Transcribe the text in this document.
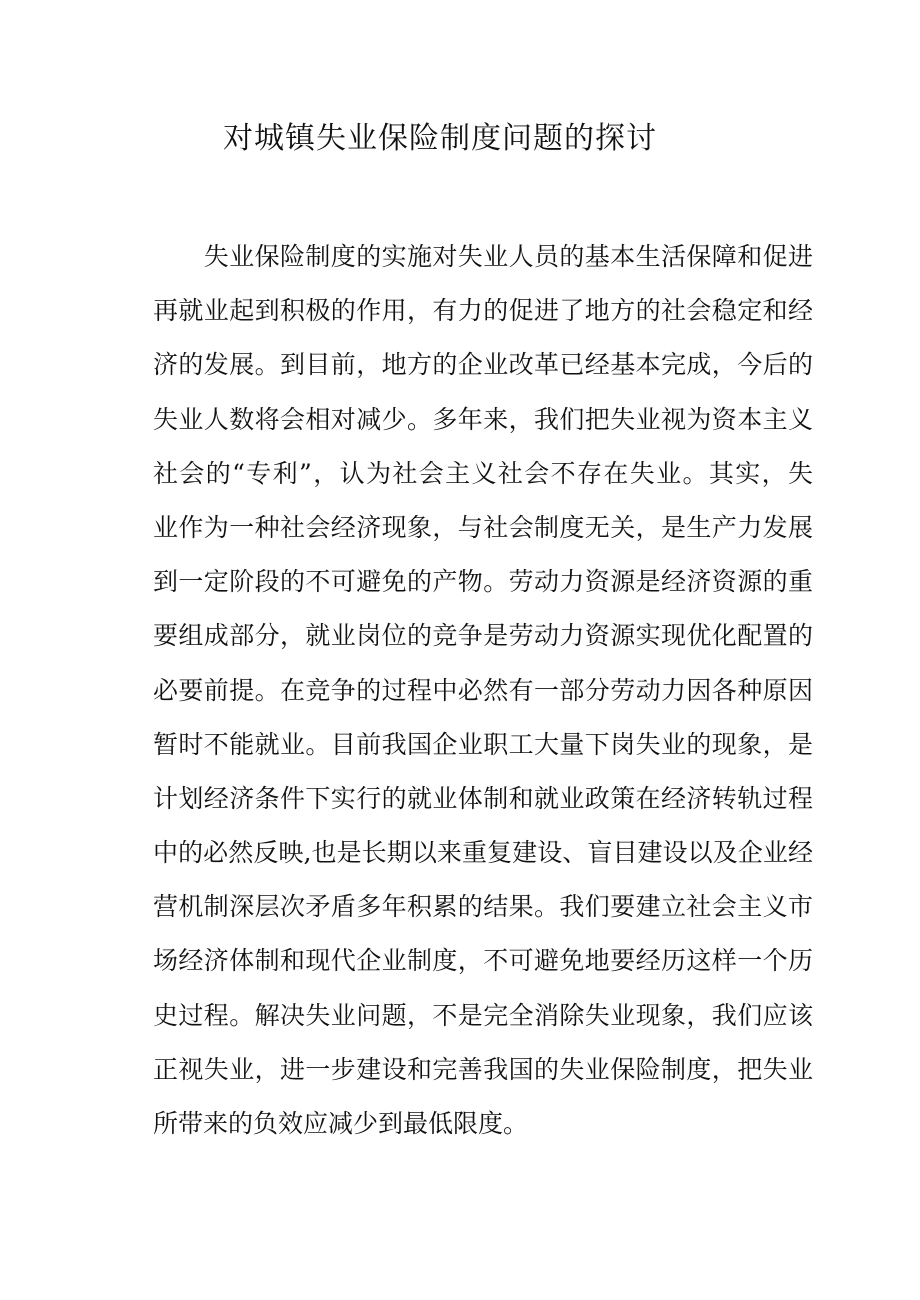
对城镇失业保险制度问题的探讨
　　失业保险制度的实施对失业人员的基本生活保障和促进
再就业起到积极的作用，有力的促进了地方的社会稳定和经
济的发展。到目前，地方的企业改革已经基本完成，今后的
失业人数将会相对减少。多年来，我们把失业视为资本主义
社会的“专利”，认为社会主义社会不存在失业。其实，失
业作为一种社会经济现象，与社会制度无关，是生产力发展
到一定阶段的不可避免的产物。劳动力资源是经济资源的重
要组成部分，就业岗位的竞争是劳动力资源实现优化配置的
必要前提。在竞争的过程中必然有一部分劳动力因各种原因
暂时不能就业。目前我国企业职工大量下岗失业的现象，是
计划经济条件下实行的就业体制和就业政策在经济转轨过程
中的必然反映,也是长期以来重复建设、盲目建设以及企业经
营机制深层次矛盾多年积累的结果。我们要建立社会主义市
场经济体制和现代企业制度，不可避免地要经历这样一个历
史过程。解决失业问题，不是完全消除失业现象，我们应该
正视失业，进一步建设和完善我国的失业保险制度，把失业
所带来的负效应减少到最低限度。
